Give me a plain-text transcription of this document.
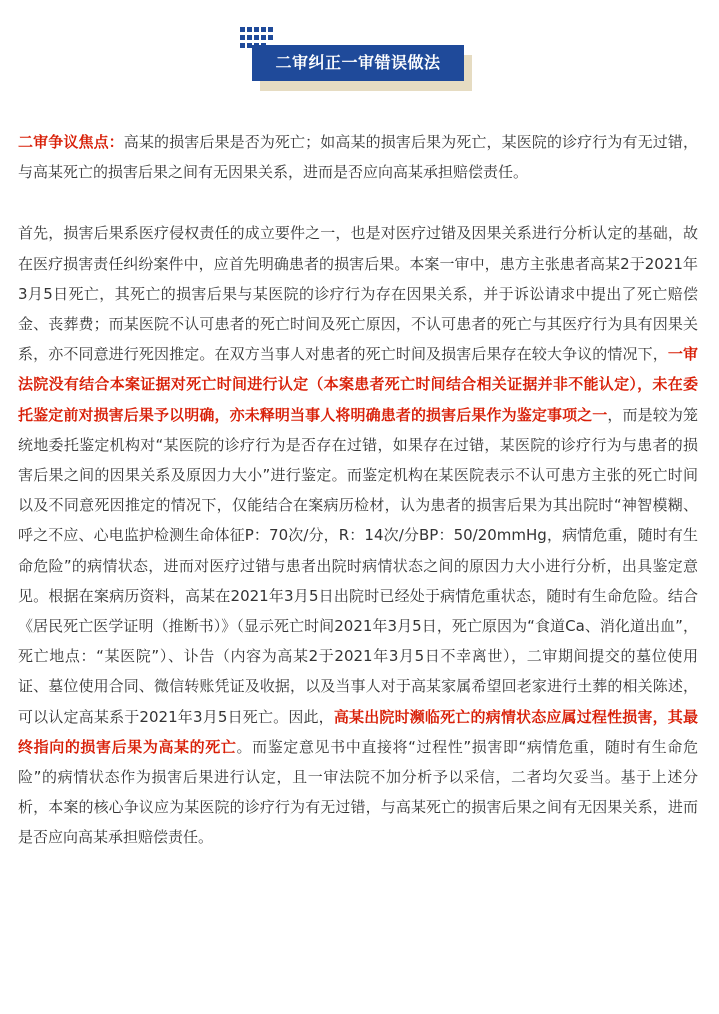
二审纠正一审错误做法

二审争议焦点：高某的损害后果是否为死亡；如高某的损害后果为死亡，某医院的诊疗行为有无过错，与高某死亡的损害后果之间有无因果关系，进而是否应向高某承担赔偿责任。

首先，损害后果系医疗侵权责任的成立要件之一，也是对医疗过错及因果关系进行分析认定的基础，故在医疗损害责任纠纷案件中，应首先明确患者的损害后果。本案一审中，患方主张患者高某2于2021年3月5日死亡，其死亡的损害后果与某医院的诊疗行为存在因果关系，并于诉讼请求中提出了死亡赔偿金、丧葬费；而某医院不认可患者的死亡时间及死亡原因，不认可患者的死亡与其医疗行为具有因果关系，亦不同意进行死因推定。在双方当事人对患者的死亡时间及损害后果存在较大争议的情况下，一审法院没有结合本案证据对死亡时间进行认定（本案患者死亡时间结合相关证据并非不能认定），未在委托鉴定前对损害后果予以明确，亦未释明当事人将明确患者的损害后果作为鉴定事项之一，而是较为笼统地委托鉴定机构对“某医院的诊疗行为是否存在过错，如果存在过错，某医院的诊疗行为与患者的损害后果之间的因果关系及原因力大小”进行鉴定。而鉴定机构在某医院表示不认可患方主张的死亡时间以及不同意死因推定的情况下，仅能结合在案病历检材，认为患者的损害后果为其出院时“神智模糊、呼之不应、心电监护检测生命体征P：70次/分，R：14次/分BP：50/20mmHg，病情危重，随时有生命危险”的病情状态，进而对医疗过错与患者出院时病情状态之间的原因力大小进行分析，出具鉴定意见。根据在案病历资料，高某在2021年3月5日出院时已经处于病情危重状态，随时有生命危险。结合《居民死亡医学证明（推断书）》（显示死亡时间2021年3月5日，死亡原因为“食道Ca、消化道出血”，死亡地点：“某医院”）、讣告（内容为高某2于2021年3月5日不幸离世），二审期间提交的墓位使用证、墓位使用合同、微信转账凭证及收据，以及当事人对于高某家属希望回老家进行土葬的相关陈述，可以认定高某系于2021年3月5日死亡。因此，高某出院时濒临死亡的病情状态应属过程性损害，其最终指向的损害后果为高某的死亡。而鉴定意见书中直接将“过程性”损害即“病情危重，随时有生命危险”的病情状态作为损害后果进行认定，且一审法院不加分析予以采信，二者均欠妥当。基于上述分析，本案的核心争议应为某医院的诊疗行为有无过错，与高某死亡的损害后果之间有无因果关系，进而是否应向高某承担赔偿责任。
